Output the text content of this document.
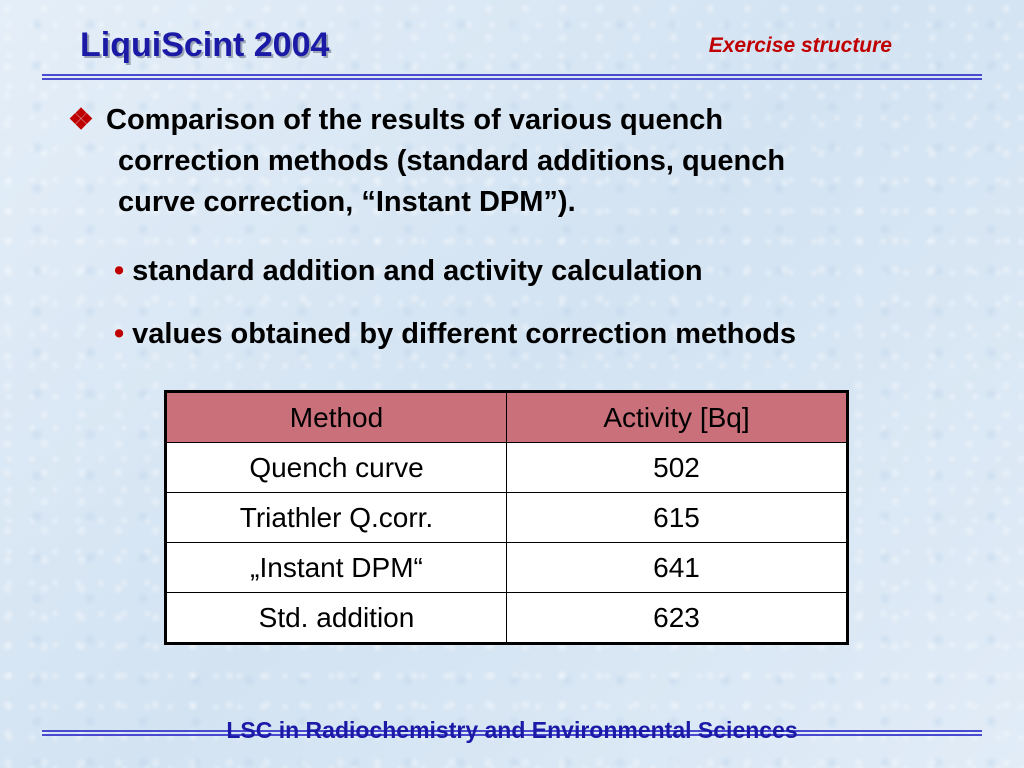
LiquiScint 2004	Exercise structure
❖ Comparison of the results of various quench
correction methods (standard additions, quench
curve correction, “Instant DPM”).
• standard addition and activity calculation
• values obtained by different correction methods
Method	Activity [Bq]
Quench curve	502
Triathler Q.corr.	615
„Instant DPM“	641
Std. addition	623
LSC in Radiochemistry and Environmental Sciences
